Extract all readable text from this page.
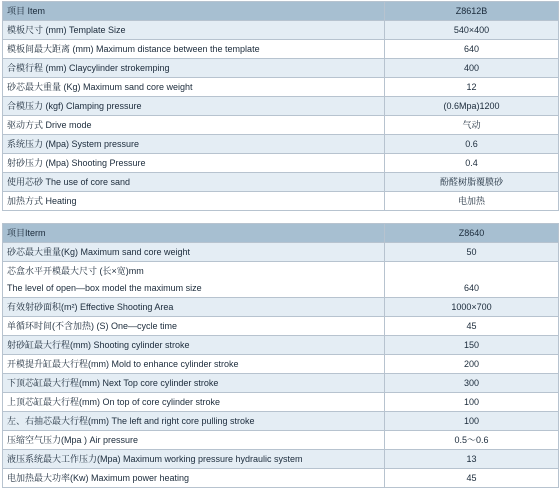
项目 Item	Z8612B
模板尺寸 (mm) Template Size	540×400
模板间最大距离 (mm) Maximum distance between the template	640
合模行程 (mm) Claycylinder strokemping	400
砂芯最大重量 (Kg) Maximum sand core weight	12
合模压力 (kgf) Clamping pressure	(0.6Mpa)1200
驱动方式 Drive mode	气动
系统压力 (Mpa) System pressure	0.6
射砂压力 (Mpa) Shooting Pressure	0.4
使用芯砂 The use of core sand	酚醛树脂覆膜砂
加热方式 Heating	电加热
项目Iterm	Z8640
砂芯最大重量(Kg) Maximum sand core weight	50

芯盒水平开模最大尺寸 (长×宽)mm
The level of open—box model the maximum size	640
有效射砂面积(m²) Effective Shooting Area	1000×700
单循环时间(不含加热) (S) One—cycle time	45
射砂缸最大行程(mm) Shooting cylinder stroke	150
开模提升缸最大行程(mm) Mold to enhance cylinder stroke	200
下顶芯缸最大行程(mm) Next Top core cylinder stroke	300
上顶芯缸最大行程(mm) On top of core cylinder stroke	100
左、右抽芯最大行程(mm) The left and right core pulling stroke	100
压缩空气压力(Mpa ) Air pressure	0.5～0.6
液压系统最大工作压力(Mpa) Maximum working pressure hydraulic system	13
电加热最大功率(Kw) Maximum power heating	45
